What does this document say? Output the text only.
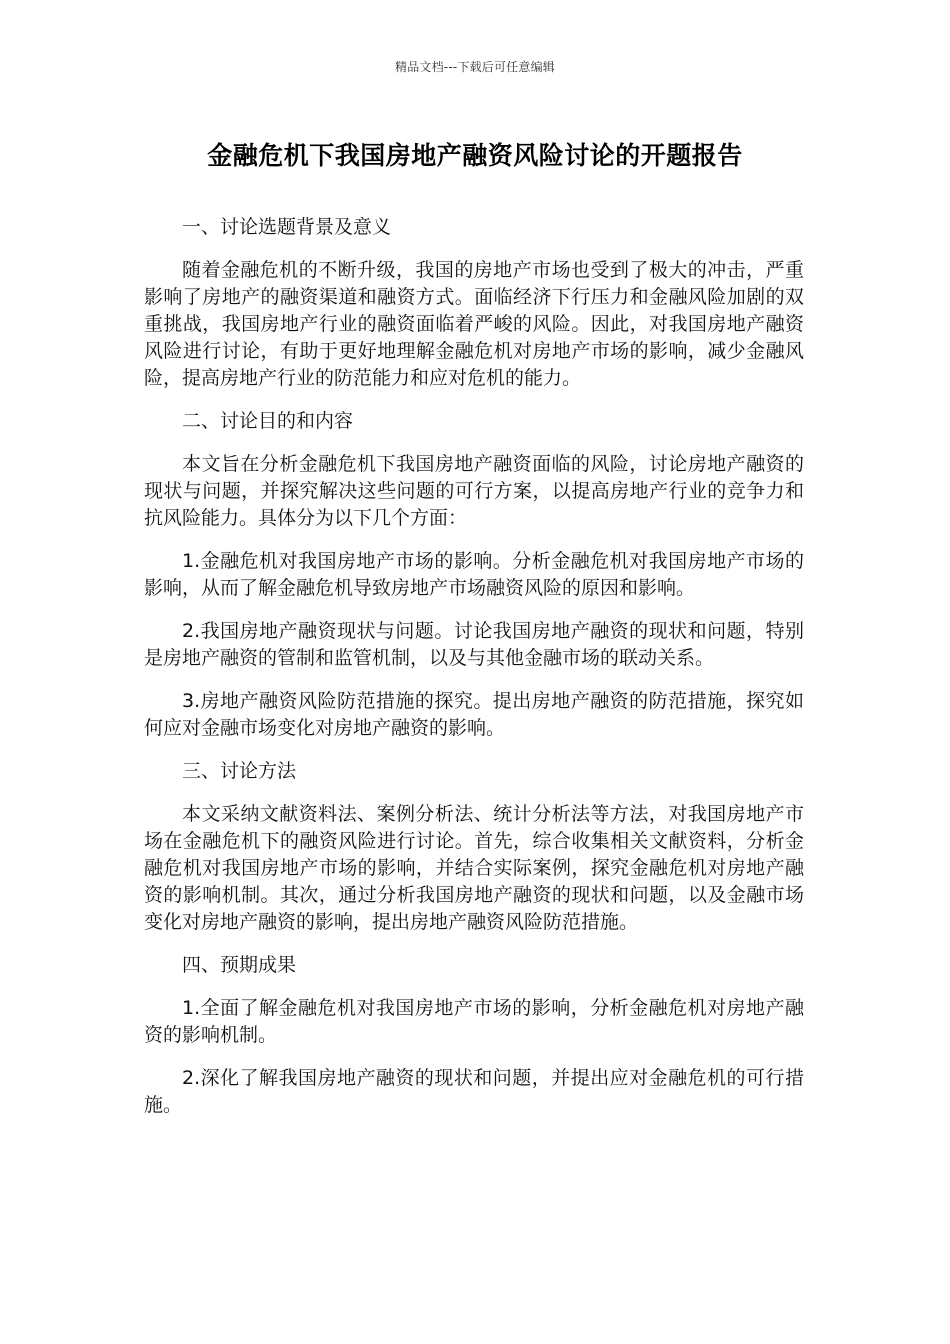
精品文档---下载后可任意编辑
金融危机下我国房地产融资风险讨论的开题报告

一、讨论选题背景及意义

随着金融危机的不断升级，我国的房地产市场也受到了极大的冲击，严重影响了房地产的融资渠道和融资方式。面临经济下行压力和金融风险加剧的双重挑战，我国房地产行业的融资面临着严峻的风险。因此，对我国房地产融资风险进行讨论，有助于更好地理解金融危机对房地产市场的影响，减少金融风险，提高房地产行业的防范能力和应对危机的能力。

二、讨论目的和内容

本文旨在分析金融危机下我国房地产融资面临的风险，讨论房地产融资的现状与问题，并探究解决这些问题的可行方案，以提高房地产行业的竞争力和抗风险能力。具体分为以下几个方面：

1.金融危机对我国房地产市场的影响。分析金融危机对我国房地产市场的影响，从而了解金融危机导致房地产市场融资风险的原因和影响。

2.我国房地产融资现状与问题。讨论我国房地产融资的现状和问题，特别是房地产融资的管制和监管机制，以及与其他金融市场的联动关系。

3.房地产融资风险防范措施的探究。提出房地产融资的防范措施，探究如何应对金融市场变化对房地产融资的影响。

三、讨论方法

本文采纳文献资料法、案例分析法、统计分析法等方法，对我国房地产市场在金融危机下的融资风险进行讨论。首先，综合收集相关文献资料，分析金融危机对我国房地产市场的影响，并结合实际案例，探究金融危机对房地产融资的影响机制。其次，通过分析我国房地产融资的现状和问题，以及金融市场变化对房地产融资的影响，提出房地产融资风险防范措施。

四、预期成果

1.全面了解金融危机对我国房地产市场的影响，分析金融危机对房地产融资的影响机制。

2.深化了解我国房地产融资的现状和问题，并提出应对金融危机的可行措施。
